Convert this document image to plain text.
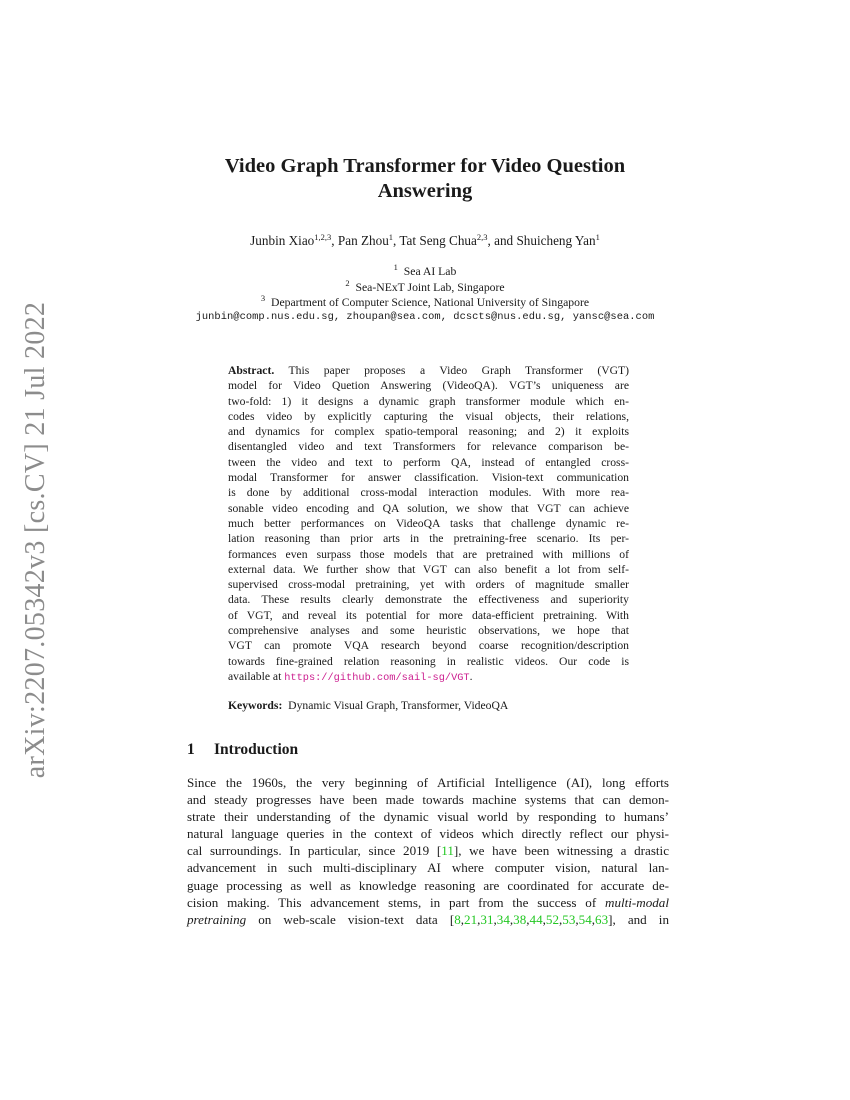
arXiv:2207.05342v3 [cs.CV] 21 Jul 2022
Video Graph Transformer for Video Question
Answering
Junbin Xiao$^{1,2,3}$, Pan Zhou$^1$, Tat Seng Chua$^{2,3}$, and Shuicheng Yan$^1$
$^1$ Sea AI Lab
$^2$ Sea-NExT Joint Lab, Singapore
$^3$ Department of Computer Science, National University of Singapore
junbin@comp.nus.edu.sg, zhoupan@sea.com, dcscts@nus.edu.sg, yansc@sea.com
Abstract. This paper proposes a Video Graph Transformer (VGT)
model for Video Quetion Answering (VideoQA). VGT’s uniqueness are
two-fold: 1) it designs a dynamic graph transformer module which en-
codes video by explicitly capturing the visual objects, their relations,
and dynamics for complex spatio-temporal reasoning; and 2) it exploits
disentangled video and text Transformers for relevance comparison be-
tween the video and text to perform QA, instead of entangled cross-
modal Transformer for answer classification. Vision-text communication
is done by additional cross-modal interaction modules. With more rea-
sonable video encoding and QA solution, we show that VGT can achieve
much better performances on VideoQA tasks that challenge dynamic re-
lation reasoning than prior arts in the pretraining-free scenario. Its per-
formances even surpass those models that are pretrained with millions of
external data. We further show that VGT can also benefit a lot from self-
supervised cross-modal pretraining, yet with orders of magnitude smaller
data. These results clearly demonstrate the effectiveness and superiority
of VGT, and reveal its potential for more data-efficient pretraining. With
comprehensive analyses and some heuristic observations, we hope that
VGT can promote VQA research beyond coarse recognition/description
towards fine-grained relation reasoning in realistic videos. Our code is
available at https://github.com/sail-sg/VGT.
Keywords: Dynamic Visual Graph, Transformer, VideoQA
1 Introduction
Since the 1960s, the very beginning of Artificial Intelligence (AI), long efforts
and steady progresses have been made towards machine systems that can demon-
strate their understanding of the dynamic visual world by responding to humans’
natural language queries in the context of videos which directly reflect our physi-
cal surroundings. In particular, since 2019 [11], we have been witnessing a drastic
advancement in such multi-disciplinary AI where computer vision, natural lan-
guage processing as well as knowledge reasoning are coordinated for accurate de-
cision making. This advancement stems, in part from the success of multi-modal
pretraining on web-scale vision-text data [8,21,31,34,38,44,52,53,54,63], and in
